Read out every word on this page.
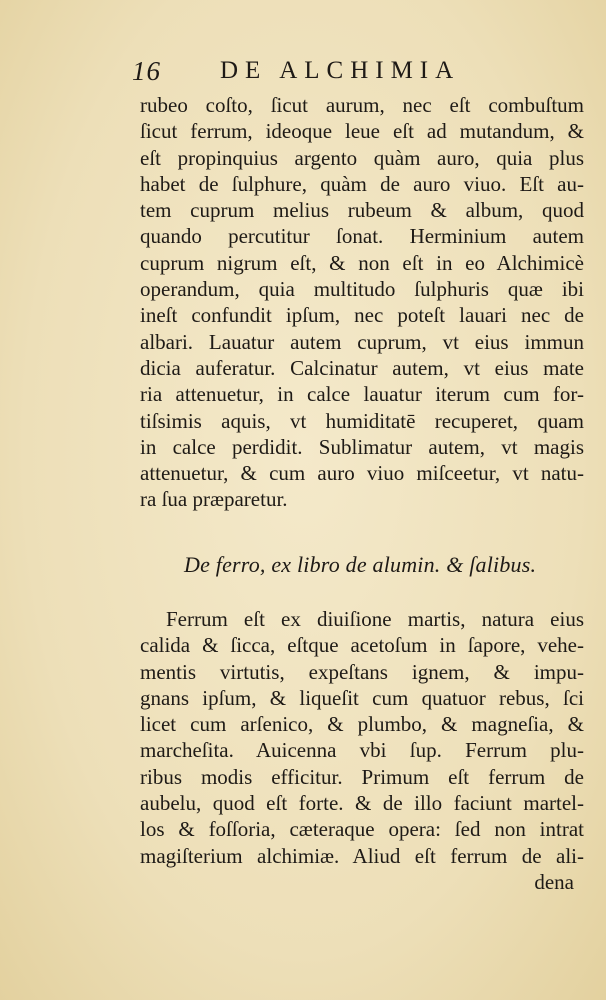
16 DE ALCHIMIA
rubeo coſto, ſicut aurum, nec eſt combuſtum
ſicut ferrum, ideoque leue eſt ad mutandum, &
eſt propinquius argento quàm auro, quia plus
habet de ſulphure, quàm de auro viuo. Eſt au-
tem cuprum melius rubeum & album, quod
quando percutitur ſonat. Herminium autem
cuprum nigrum eſt, & non eſt in eo Alchimicè
operandum, quia multitudo ſulphuris quæ ibi
ineſt confundit ipſum, nec poteſt lauari nec de
albari. Lauatur autem cuprum, vt eius immun
dicia auferatur. Calcinatur autem, vt eius mate
ria attenuetur, in calce lauatur iterum cum for-
tiſsimis aquis, vt humiditatē recuperet, quam
in calce perdidit. Sublimatur autem, vt magis
attenuetur, & cum auro viuo miſceetur, vt natu-
ra ſua præparetur.
De ferro, ex libro de alumin. & ſalibus.
Ferrum eſt ex diuiſione martis, natura eius
calida & ſicca, eſtque acetoſum in ſapore, vehe-
mentis virtutis, expeſtans ignem, & impu-
gnans ipſum, & liqueſit cum quatuor rebus, ſci
licet cum arſenico, & plumbo, & magneſia, &
marcheſita. Auicenna vbi ſup. Ferrum plu-
ribus modis efficitur. Primum eſt ferrum de
aubelu, quod eſt forte. & de illo faciunt martel-
los & foſſoria, cæteraque opera: ſed non intrat
magiſterium alchimiæ. Aliud eſt ferrum de ali-
dena
